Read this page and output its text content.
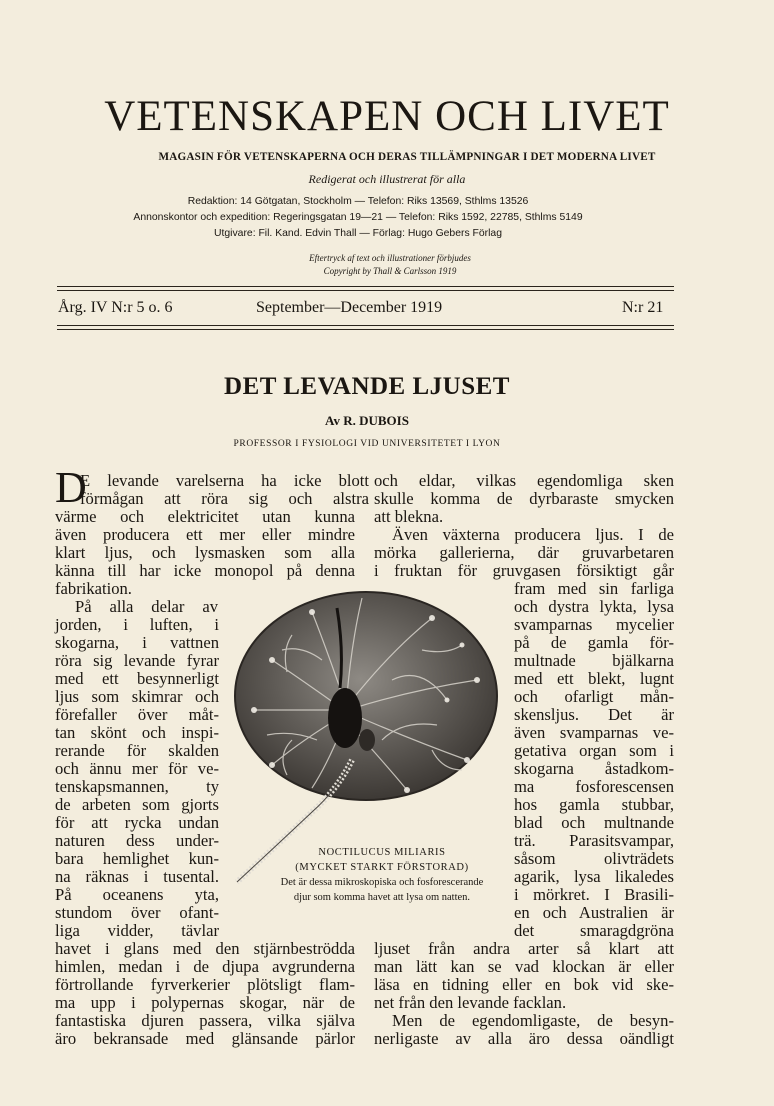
VETENSKAPEN OCH LIVET
MAGASIN FÖR VETENSKAPERNA OCH DERAS TILLÄMPNINGAR I DET MODERNA LIVET
Redigerat och illustrerat för alla
Redaktion: 14 Götgatan, Stockholm — Telefon: Riks 13569, Sthlms 13526
Annonskontor och expedition: Regeringsgatan 19—21 — Telefon: Riks 1592, 22785, Sthlms 5149
Utgivare: Fil. Kand. Edvin Thall — Förlag: Hugo Gebers Förlag
Eftertryck af text och illustrationer förbjudes
Copyright by Thall & Carlsson 1919
Årg. IV N:r 5 o. 6	September—December 1919	N:r 21
DET LEVANDE LJUSET
Av R. DUBOIS
PROFESSOR I FYSIOLOGI VID UNIVERSITETET I LYON
D
E levande varelserna ha icke blott
förmågan att röra sig och alstra
värme och elektricitet utan kunna
även producera ett mer eller mindre
klart ljus, och lysmasken som alla
känna till har icke monopol på denna
fabrikation.
På alla delar av
jorden, i luften, i
skogarna, i vattnen
röra sig levande fyrar
med ett besynnerligt
ljus som skimrar och
förefaller över måt-
tan skönt och inspi-
rerande för skalden
och ännu mer för ve-
tenskapsmannen, ty
de arbeten som gjorts
för att rycka undan
naturen dess under-
bara hemlighet kun-
na räknas i tusental.
På oceanens yta,
stundom över ofant-
liga vidder, tävlar
havet i glans med den stjärnbeströdda
himlen, medan i de djupa avgrunderna
förtrollande fyrverkerier plötsligt flam-
ma upp i polypernas skogar, när de
fantastiska djuren passera, vilka själva
äro bekransade med glänsande pärlor
och eldar, vilkas egendomliga sken
skulle komma de dyrbaraste smycken
att blekna.
Även växterna producera ljus. I de
mörka gallerierna, där gruvarbetaren
i fruktan för gruvgasen försiktigt går
fram med sin farliga
och dystra lykta, lysa
svamparnas mycelier
på de gamla för-
multnade bjälkarna
med ett blekt, lugnt
och ofarligt mån-
skensljus. Det är
även svamparnas ve-
getativa organ som i
skogarna åstadkom-
ma fosforescensen
hos gamla stubbar,
blad och multnande
trä. Parasitsvampar,
såsom olivträdets
agarik, lysa likaledes
i mörkret. I Brasili-
en och Australien är
det smaragdgröna
ljuset från andra arter så klart att
man lätt kan se vad klockan är eller
läsa en tidning eller en bok vid ske-
net från den levande facklan.
Men de egendomligaste, de besyn-
nerligaste av alla äro dessa oändligt
NOCTILUCUS MILIARIS
(MYCKET STARKT FÖRSTORAD)
Det är dessa mikroskopiska och fosforescerande djur som komma havet att lysa om natten.
